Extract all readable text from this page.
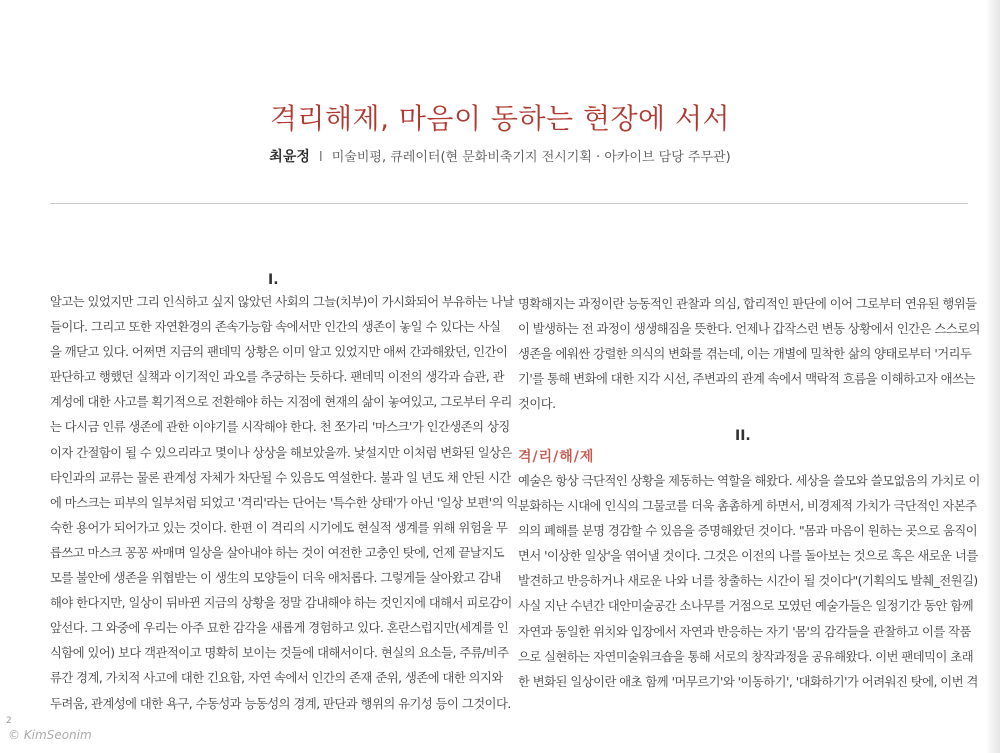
격리해제, 마음이 동하는 현장에 서서
최윤정 I 미술비평, 큐레이터(현 문화비축기지 전시기획 · 아카이브 담당 주무관)
I.
알고는 있었지만 그리 인식하고 싶지 않았던 사회의 그늘(치부)이 가시화되어 부유하는 나날
들이다. 그리고 또한 자연환경의 존속가능함 속에서만 인간의 생존이 놓일 수 있다는 사실
을 깨닫고 있다. 어쩌면 지금의 팬데믹 상황은 이미 알고 있었지만 애써 간과해왔던, 인간이
판단하고 행했던 실책과 이기적인 과오를 추궁하는 듯하다. 팬데믹 이전의 생각과 습관, 관
계성에 대한 사고를 획기적으로 전환해야 하는 지점에 현재의 삶이 놓여있고, 그로부터 우리
는 다시금 인류 생존에 관한 이야기를 시작해야 한다. 천 쪼가리 '마스크'가 인간생존의 상징
이자 간절함이 될 수 있으리라고 몇이나 상상을 해보았을까. 낯설지만 이처럼 변화된 일상은
타인과의 교류는 물론 관계성 자체가 차단될 수 있음도 역설한다. 불과 일 년도 채 안된 시간
에 마스크는 피부의 일부처럼 되었고 '격리'라는 단어는 '특수한 상태'가 아닌 '일상 보편'의 익
숙한 용어가 되어가고 있는 것이다. 한편 이 격리의 시기에도 현실적 생계를 위해 위험을 무
릅쓰고 마스크 꽁꽁 싸매며 일상을 살아내야 하는 것이 여전한 고충인 탓에, 언제 끝날지도
모를 불안에 생존을 위협받는 이 생生의 모양들이 더욱 애처롭다. 그렇게들 살아왔고 감내
해야 한다지만, 일상이 뒤바뀐 지금의 상황을 정말 감내해야 하는 것인지에 대해서 피로감이
앞선다. 그 와중에 우리는 아주 묘한 감각을 새롭게 경험하고 있다. 혼란스럽지만(세계를 인
식함에 있어) 보다 객관적이고 명확히 보이는 것들에 대해서이다. 현실의 요소들, 주류/비주
류간 경계, 가치적 사고에 대한 긴요함, 자연 속에서 인간의 존재 준위, 생존에 대한 의지와
두려움, 관계성에 대한 욕구, 수동성과 능동성의 경계, 판단과 행위의 유기성 등이 그것이다.
명확해지는 과정이란 능동적인 관찰과 의심, 합리적인 판단에 이어 그로부터 연유된 행위들
이 발생하는 전 과정이 생생해짐을 뜻한다. 언제나 갑작스런 변동 상황에서 인간은 스스로의
생존을 에워싼 강렬한 의식의 변화를 겪는데, 이는 개별에 밀착한 삶의 양태로부터 '거리두
기'를 통해 변화에 대한 지각 시선, 주변과의 관계 속에서 맥락적 흐름을 이해하고자 애쓰는
것이다.
II.
격/리/해/제
예술은 항상 극단적인 상황을 제동하는 역할을 해왔다. 세상을 쓸모와 쓸모없음의 가치로 이
분화하는 시대에 인식의 그물코를 더욱 촘촘하게 하면서, 비경제적 가치가 극단적인 자본주
의의 폐해를 분명 경감할 수 있음을 증명해왔던 것이다. "몸과 마음이 원하는 곳으로 움직이
면서 '이상한 일상'을 엮어낼 것이다. 그것은 이전의 나를 돌아보는 것으로 혹은 새로운 너를
발견하고 반응하거나 새로운 나와 너를 창출하는 시간이 될 것이다"(기획의도 발췌_전원길)
사실 지난 수년간 대안미술공간 소나무를 거점으로 모였던 예술가들은 일정기간 동안 함께
자연과 동일한 위치와 입장에서 자연과 반응하는 자기 '몸'의 감각들을 관찰하고 이를 작품
으로 실현하는 자연미술워크숍을 통해 서로의 창작과정을 공유해왔다. 이번 팬데믹이 초래
한 변화된 일상이란 애초 함께 '머무르기'와 '이동하기', '대화하기'가 어려워진 탓에, 이번 격
2
© KimSeonim
